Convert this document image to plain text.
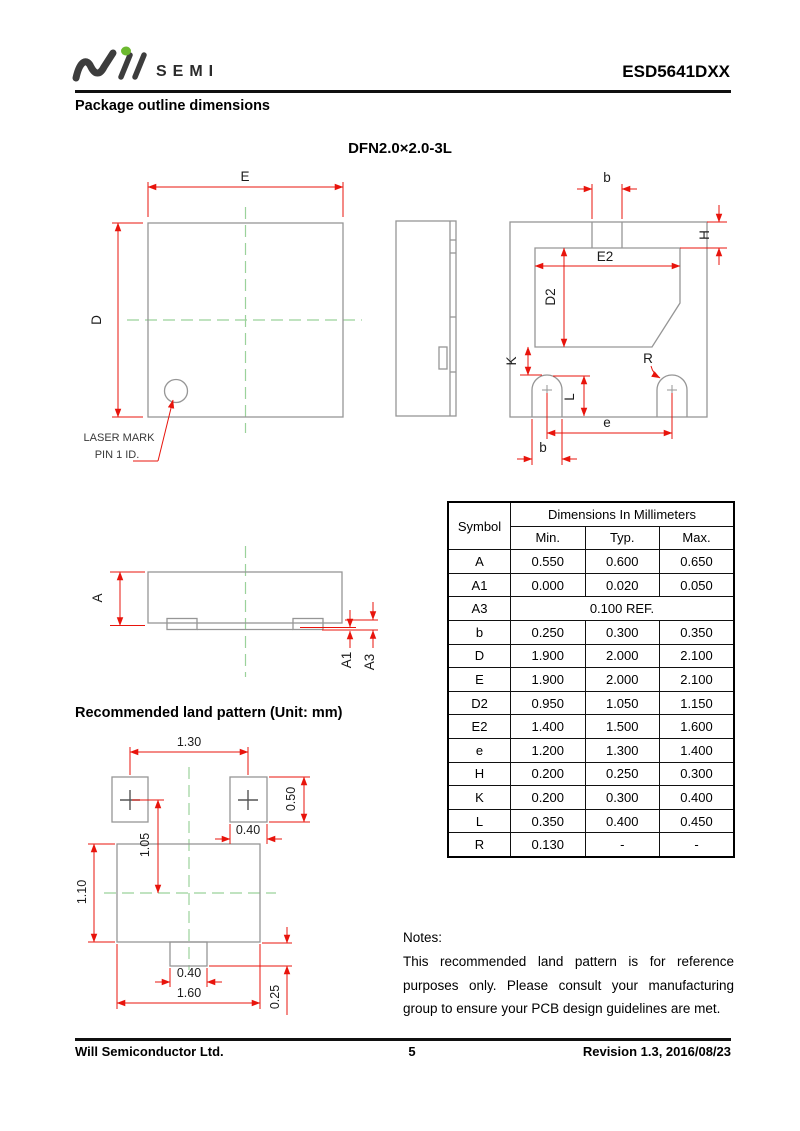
SEMI	ESD5641DXX
Package outline dimensions
DFN2.0×2.0-3L
E
D
LASER MARK
PIN 1 ID.
b
H
E2
D2
K	R
L
e
b
A
A1 A3
1.30
0.50
0.40
1.05
1.10
0.40
1.60	0.25
Symbol	Dimensions In Millimeters		
	Min.	Typ.	Max.
A	0.550	0.600	0.650
A1	0.000	0.020	0.050
A3	0.100 REF.		
b	0.250	0.300	0.350
D	1.900	2.000	2.100
E	1.900	2.000	2.100
D2	0.950	1.050	1.150
E2	1.400	1.500	1.600
e	1.200	1.300	1.400
H	0.200	0.250	0.300
K	0.200	0.300	0.400
L	0.350	0.400	0.450
R	0.130	-	-
Recommended land pattern (Unit: mm)
Notes:
This recommended land pattern is for reference purposes only. Please consult your manufacturing group to ensure your PCB design guidelines are met.
Will Semiconductor Ltd.	5	Revision 1.3, 2016/08/23
